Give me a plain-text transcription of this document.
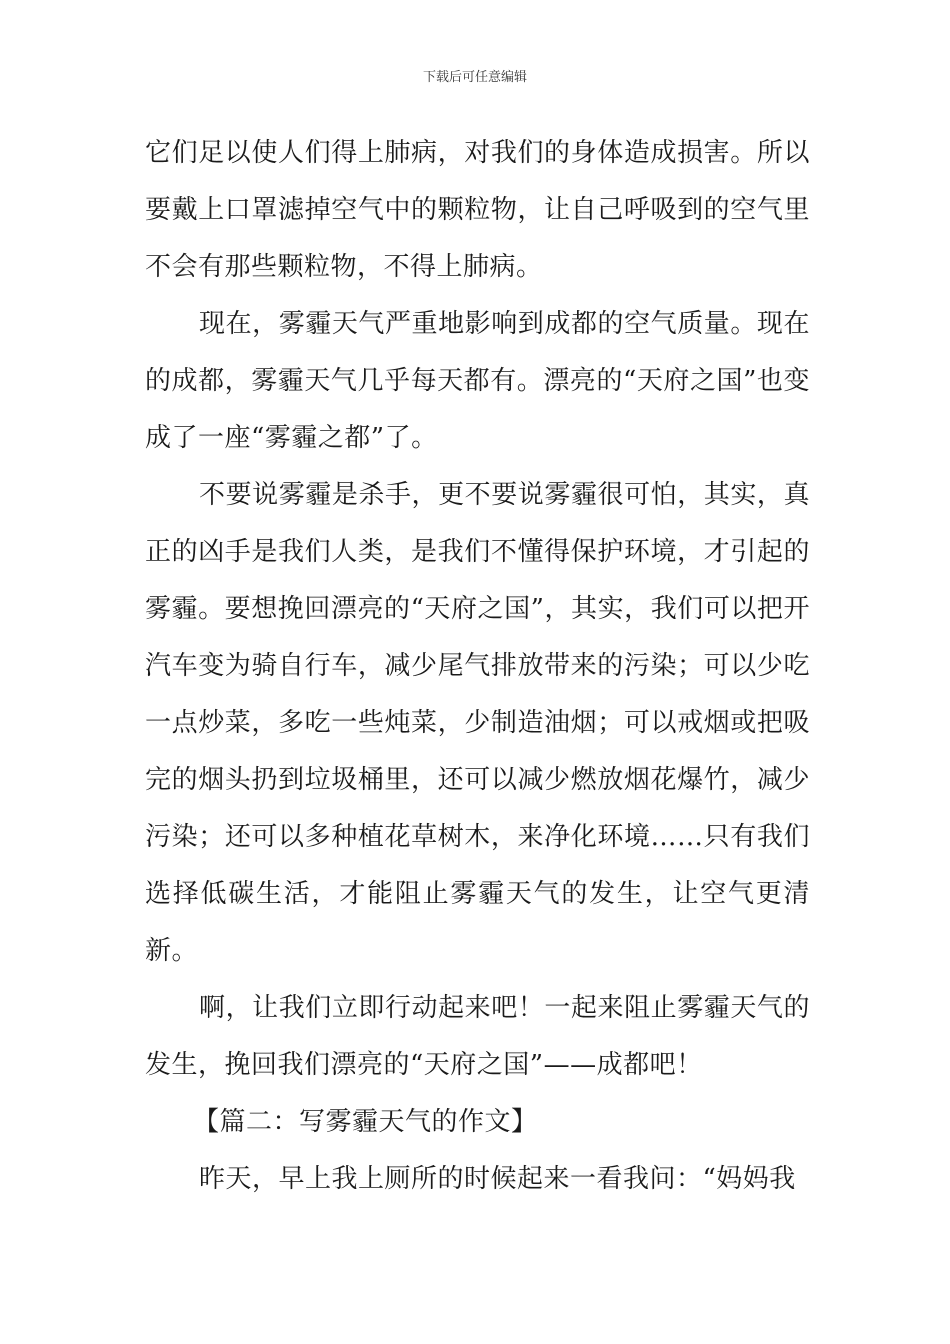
下载后可任意编辑

它们足以使人们得上肺病，对我们的身体造成损害。所以要戴上口罩滤掉空气中的颗粒物，让自己呼吸到的空气里不会有那些颗粒物，不得上肺病。

现在，雾霾天气严重地影响到成都的空气质量。现在的成都，雾霾天气几乎每天都有。漂亮的“天府之国”也变成了一座“雾霾之都”了。

不要说雾霾是杀手，更不要说雾霾很可怕，其实，真正的凶手是我们人类，是我们不懂得保护环境，才引起的雾霾。要想挽回漂亮的“天府之国”，其实，我们可以把开汽车变为骑自行车，减少尾气排放带来的污染；可以少吃一点炒菜，多吃一些炖菜，少制造油烟；可以戒烟或把吸完的烟头扔到垃圾桶里，还可以减少燃放烟花爆竹，减少污染；还可以多种植花草树木，来净化环境……只有我们选择低碳生活，才能阻止雾霾天气的发生，让空气更清新。

啊，让我们立即行动起来吧！一起来阻止雾霾天气的发生，挽回我们漂亮的“天府之国”——成都吧！

【篇二：写雾霾天气的作文】

昨天，早上我上厕所的时候起来一看我问：“妈妈我
